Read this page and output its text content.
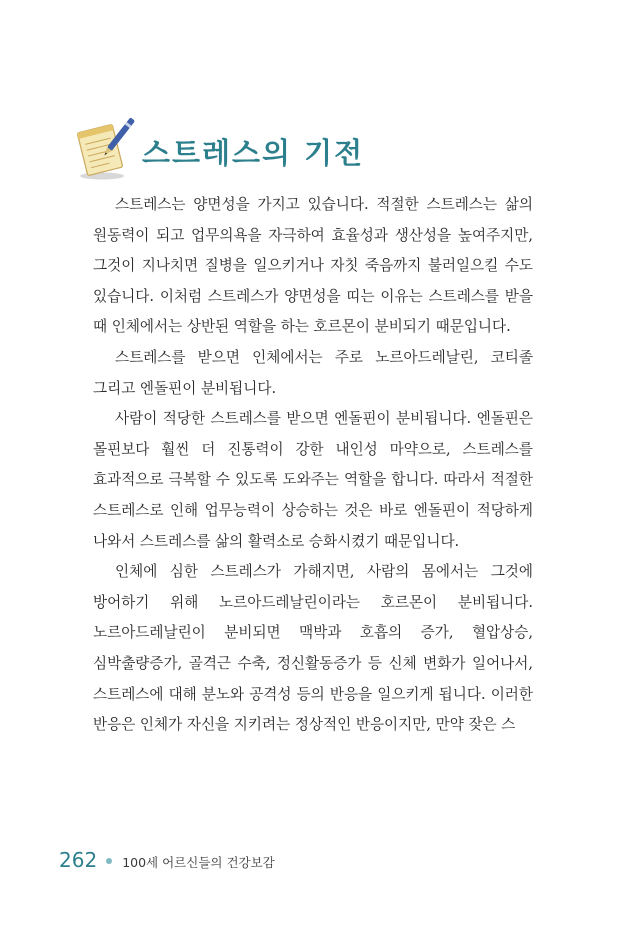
스트레스의 기전

스트레스는 양면성을 가지고 있습니다. 적절한 스트레스는 삶의 원동력이 되고 업무의욕을 자극하여 효율성과 생산성을 높여주지만, 그것이 지나치면 질병을 일으키거나 자칫 죽음까지 불러일으킬 수도 있습니다. 이처럼 스트레스가 양면성을 띠는 이유는 스트레스를 받을 때 인체에서는 상반된 역할을 하는 호르몬이 분비되기 때문입니다.

스트레스를 받으면 인체에서는 주로 노르아드레날린, 코티졸 그리고 엔돌핀이 분비됩니다.

사람이 적당한 스트레스를 받으면 엔돌핀이 분비됩니다. 엔돌핀은 몰핀보다 훨씬 더 진통력이 강한 내인성 마약으로, 스트레스를 효과적으로 극복할 수 있도록 도와주는 역할을 합니다. 따라서 적절한 스트레스로 인해 업무능력이 상승하는 것은 바로 엔돌핀이 적당하게 나와서 스트레스를 삶의 활력소로 승화시켰기 때문입니다.

인체에 심한 스트레스가 가해지면, 사람의 몸에서는 그것에 방어하기 위해 노르아드레날린이라는 호르몬이 분비됩니다. 노르아드레날린이 분비되면 맥박과 호흡의 증가, 혈압상승, 심박출량증가, 골격근 수축, 정신활동증가 등 신체 변화가 일어나서, 스트레스에 대해 분노와 공격성 등의 반응을 일으키게 됩니다. 이러한 반응은 인체가 자신을 지키려는 정상적인 반응이지만, 만약 잦은 스

262 100세 어르신들의 건강보감
